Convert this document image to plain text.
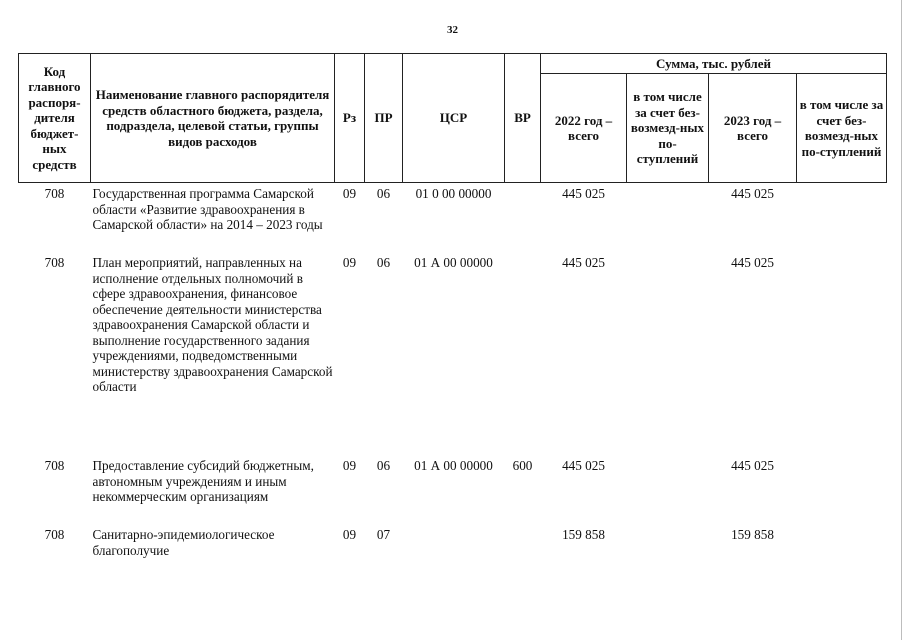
32
Код главного распоря-дителя бюджет-ных средств	Наименование главного распорядителя средств областного бюджета, раздела, подраздела, целевой статьи, группы видов расходов	Рз	ПР	ЦСР	ВР	Сумма, тыс. рублей			
						2022 год – всего	в том числе за счет без-возмезд-ных по-ступлений	2023 год – всего	в том числе за счет без-возмезд-ных по-ступлений
708	Государственная программа Самарской области «Развитие здравоохранения в Самарской области» на 2014 – 2023 годы	09	06	01 0 00 00000		445 025		445 025	
708	План мероприятий, направленных на исполнение отдельных полномочий в сфере здравоохранения, финансовое обеспечение деятельности министерства здравоохранения Самарской области и выполнение государственного задания учреждениями, подведомственными министерству здравоохранения Самарской области	09	06	01 А 00 00000		445 025		445 025	
708	Предоставление субсидий бюджетным, автономным учреждениям и иным некоммерческим организациям	09	06	01 А 00 00000	600	445 025		445 025	
708	Санитарно-эпидемиологическое благополучие	09	07			159 858		159 858	
